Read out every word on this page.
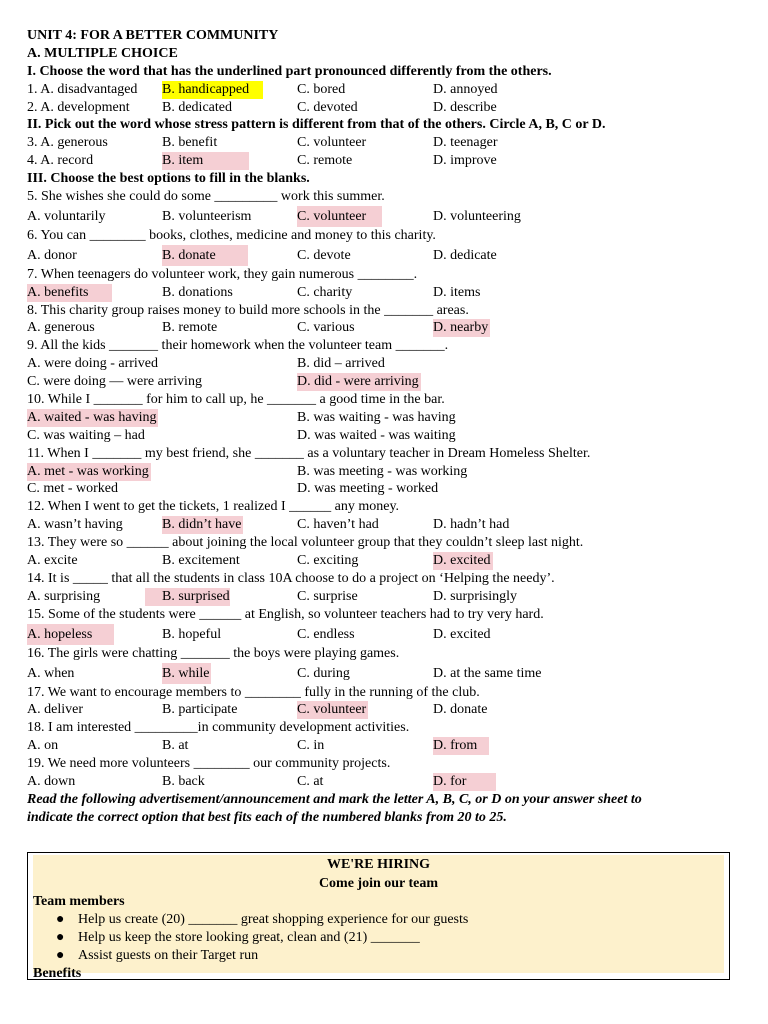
UNIT 4: FOR A BETTER COMMUNITY
A. MULTIPLE CHOICE
I. Choose the word that has the underlined part pronounced differently from the others.
1. A. disadvantaged B. handicapped	C. bored	D. annoyed
2. A. development B. dedicated	C. devoted	D. describe
II. Pick out the word whose stress pattern is different from that of the others. Circle A, B, C or D.
3. A. generous	B. benefit	C. volunteer	D. teenager
4. A. record	B. item	C. remote	D. improve
III. Choose the best options to fill in the blanks.
5. She wishes she could do some _________ work this summer.
A. voluntarily	B. volunteerism	C. volunteer	D. volunteering
6. You can ________ books, clothes, medicine and money to this charity.
A. donor	B. donate	C. devote	D. dedicate
7. When teenagers do volunteer work, they gain numerous ________.
A. benefits	B. donations	C. charity	D. items
8. This charity group raises money to build more schools in the _______ areas.
A. generous	B. remote	C. various	D. nearby
9. All the kids _______ their homework when the volunteer team _______.
A. were doing - arrived	B. did – arrived
C. were doing — were arriving	D. did - were arriving
10. While I _______ for him to call up, he _______ a good time in the bar.
A. waited - was having	B. was waiting - was having
C. was waiting – had	D. was waited - was waiting
11. When I _______ my best friend, she _______ as a voluntary teacher in Dream Homeless Shelter.
A. met - was working	B. was meeting - was working
C. met - worked	D. was meeting - worked
12. When I went to get the tickets, 1 realized I ______ any money.
A. wasn’t having	B. didn’t have	C. haven’t had	D. hadn’t had
13. They were so ______ about joining the local volunteer group that they couldn’t sleep last night.
A. excite	B. excitement	C. exciting	D. excited
14. It is _____ that all the students in class 10A choose to do a project on ‘Helping the needy’.
A. surprising	B. surprised	C. surprise	D. surprisingly
15. Some of the students were ______ at English, so volunteer teachers had to try very hard.
A. hopeless	B. hopeful	C. endless	D. excited
16. The girls were chatting _______ the boys were playing games.
A. when	B. while	C. during	D. at the same time
17. We want to encourage members to ________ fully in the running of the club.
A. deliver	B. participate	C. volunteer	D. donate
18. I am interested _________in community development activities.
A. on	B. at	C. in	D. from
19. We need more volunteers ________ our community projects.
A. down	B. back	C. at	D. for
Read the following advertisement/announcement and mark the letter A, B, C, or D on your answer sheet to
indicate the correct option that best fits each of the numbered blanks from 20 to 25.
WE'RE HIRING
Come join our team
Team members
● Help us create (20) _______ great shopping experience for our guests
● Help us keep the store looking great, clean and (21) _______
● Assist guests on their Target run
Benefits
